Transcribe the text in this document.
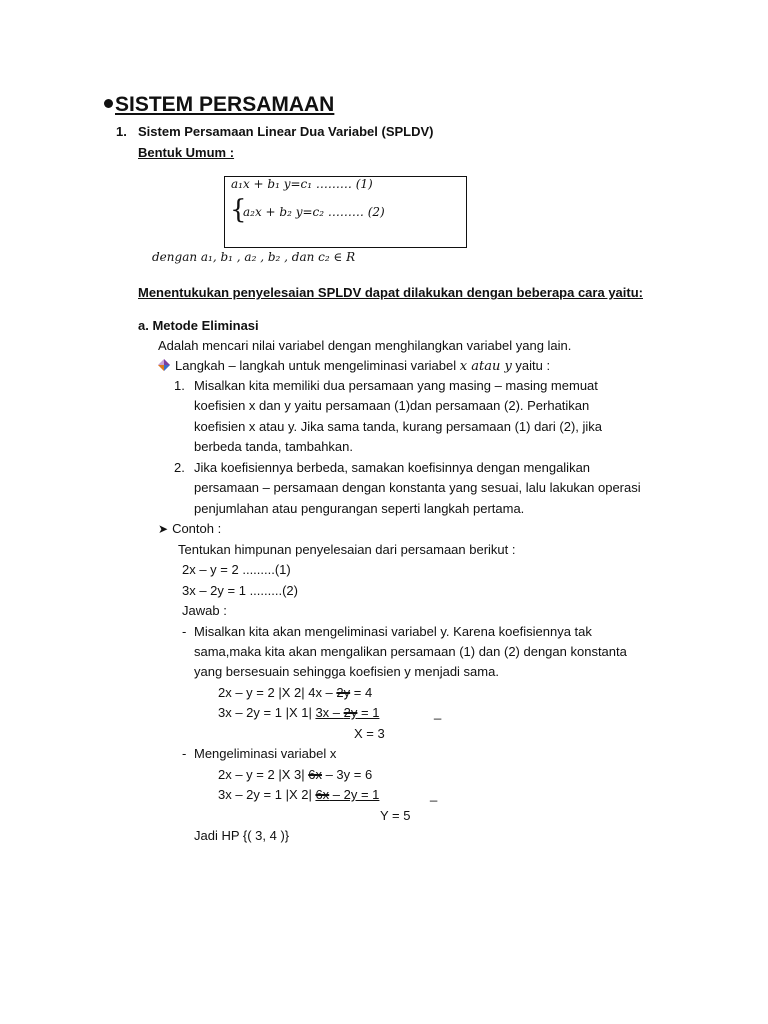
SISTEM PERSAMAAN
1. Sistem Persamaan Linear Dua Variabel (SPLDV)
Bentuk Umum :
a₁x + b₁ y=c₁ ……… (1)
{
a₂x + b₂ y=c₂ ……… (2)
dengan a₁, b₁ , a₂ , b₂ , dan c₂ ∈ R
Menentukukan penyelesaian SPLDV dapat dilakukan dengan beberapa cara yaitu:
a. Metode Eliminasi
Adalah mencari nilai variabel dengan menghilangkan variabel yang lain.
Langkah – langkah untuk mengeliminasi variabel x atau y yaitu :
1. Misalkan kita memiliki dua persamaan yang masing – masing memuat
koefisien x dan y yaitu persamaan (1)dan persamaan (2). Perhatikan
koefisien x atau y. Jika sama tanda, kurang persamaan (1) dari (2), jika
berbeda tanda, tambahkan.
2. Jika koefisiennya berbeda, samakan koefisinnya dengan mengalikan
persamaan – persamaan dengan konstanta yang sesuai, lalu lakukan operasi
penjumlahan atau pengurangan seperti langkah pertama.
➤ Contoh :
Tentukan himpunan penyelesaian dari persamaan berikut :
2x – y = 2 .........(1)
3x – 2y = 1 .........(2)
Jawab :
- Misalkan kita akan mengeliminasi variabel y. Karena koefisiennya tak
sama,maka kita akan mengalikan persamaan (1) dan (2) dengan konstanta
yang bersesuain sehingga koefisien y menjadi sama.
2x – y = 2 |X 2| 4x – 2y = 4
3x – 2y = 1 |X 1| 3x – 2y = 1	_
X = 3
- Mengeliminasi variabel x
2x – y = 2 |X 3| 6x – 3y = 6
3x – 2y = 1 |X 2| 6x – 2y = 1	_
Y = 5
Jadi HP {( 3, 4 )}
